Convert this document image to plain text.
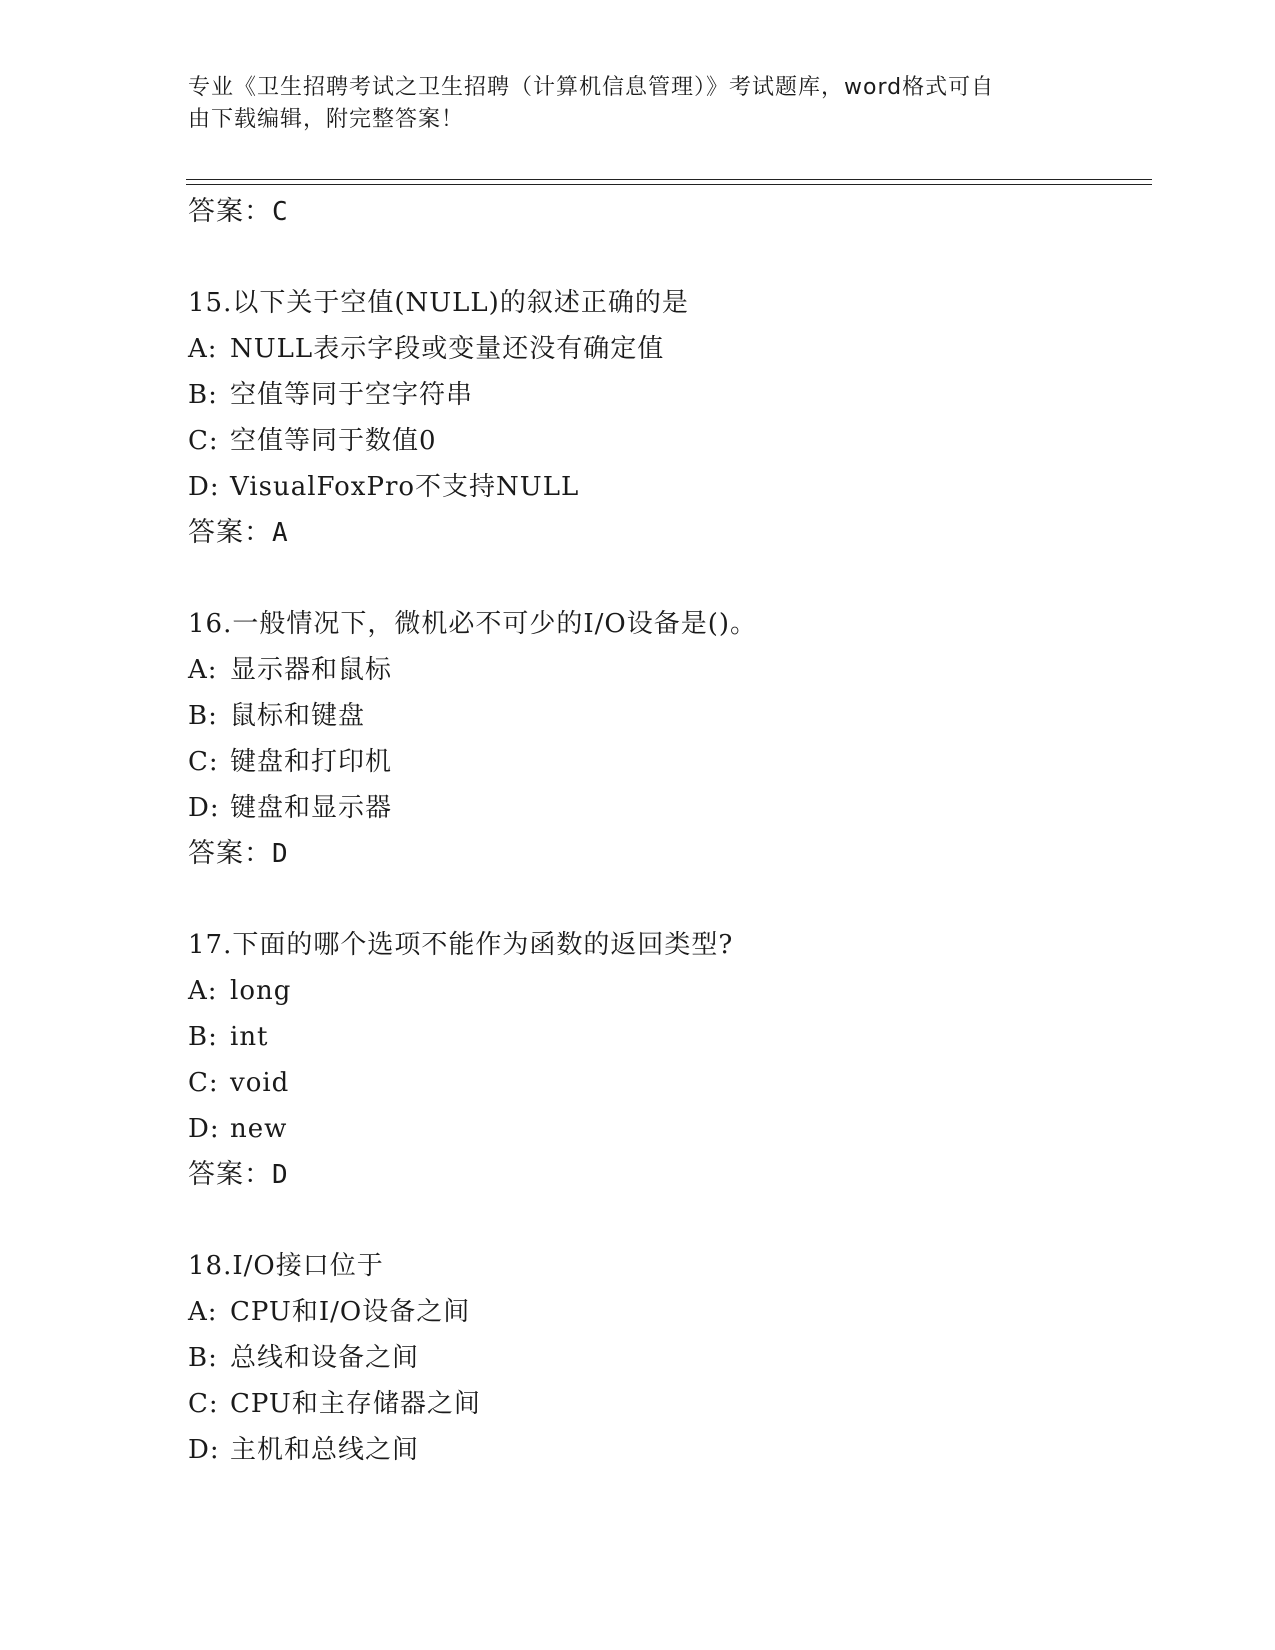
专业《卫生招聘考试之卫生招聘（计算机信息管理）》考试题库，word格式可自
由下载编辑，附完整答案！
答案：C
15.以下关于空值(NULL)的叙述正确的是
A: NULL表示字段或变量还没有确定值
B: 空值等同于空字符串
C: 空值等同于数值0
D: VisualFoxPro不支持NULL
答案：A
16.一般情况下，微机必不可少的I/O设备是()。
A: 显示器和鼠标
B: 鼠标和键盘
C: 键盘和打印机
D: 键盘和显示器
答案：D
17.下面的哪个选项不能作为函数的返回类型?
A: long
B: int
C: void
D: new
答案：D
18.I/O接口位于
A: CPU和I/O设备之间
B: 总线和设备之间
C: CPU和主存储器之间
D: 主机和总线之间
